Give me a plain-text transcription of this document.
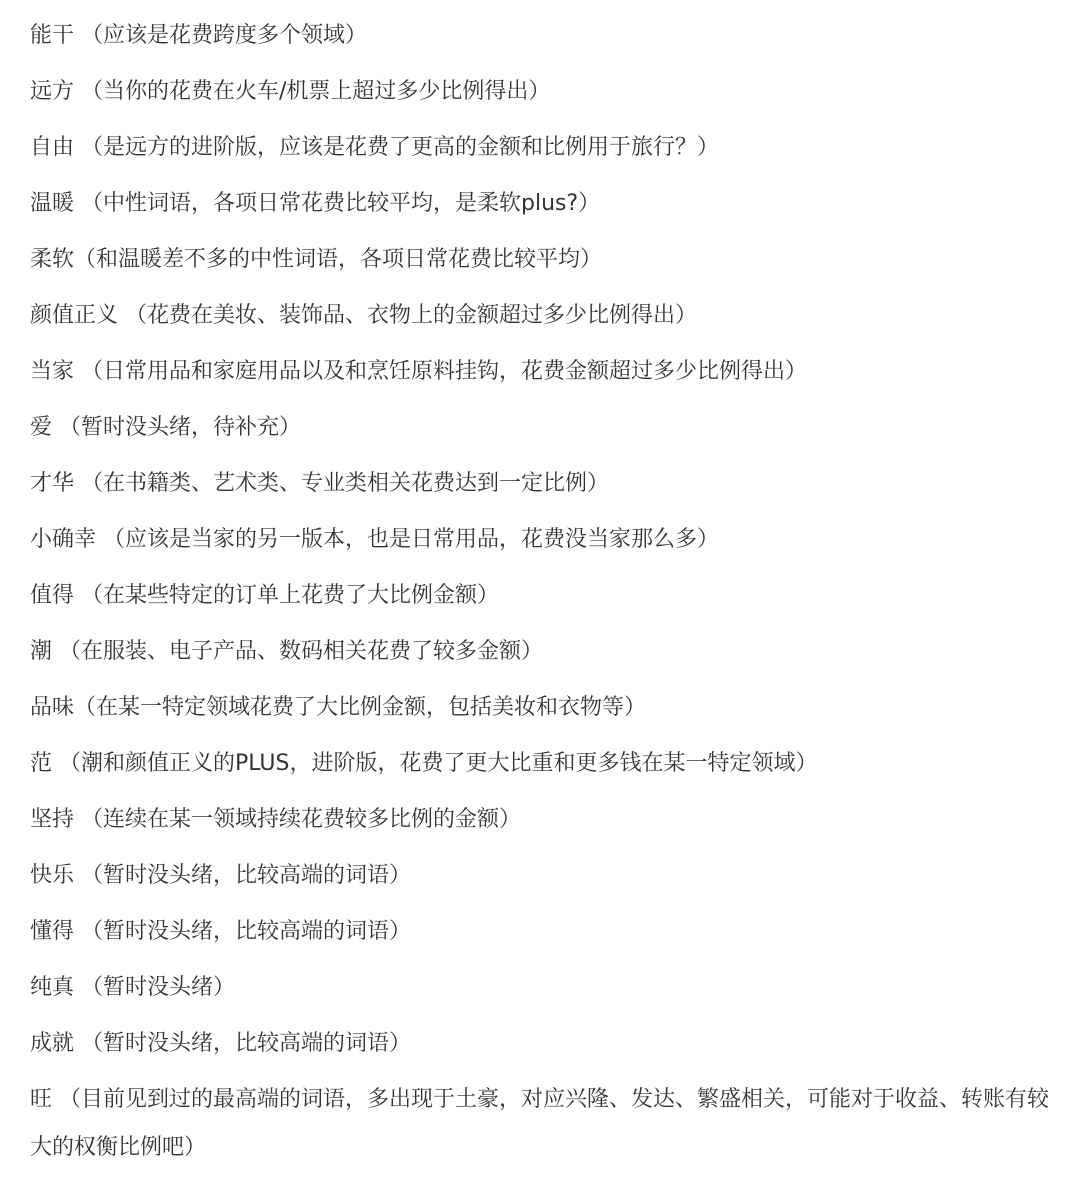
能干 （应该是花费跨度多个领域）
远方 （当你的花费在火车/机票上超过多少比例得出）
自由 （是远方的进阶版，应该是花费了更高的金额和比例用于旅行？）
温暖 （中性词语，各项日常花费比较平均，是柔软plus?）
柔软（和温暖差不多的中性词语，各项日常花费比较平均）
颜值正义 （花费在美妆、装饰品、衣物上的金额超过多少比例得出）
当家 （日常用品和家庭用品以及和烹饪原料挂钩，花费金额超过多少比例得出）
爱 （暂时没头绪，待补充）
才华 （在书籍类、艺术类、专业类相关花费达到一定比例）
小确幸 （应该是当家的另一版本，也是日常用品，花费没当家那么多）
值得 （在某些特定的订单上花费了大比例金额）
潮 （在服装、电子产品、数码相关花费了较多金额）
品味（在某一特定领域花费了大比例金额，包括美妆和衣物等）
范 （潮和颜值正义的PLUS，进阶版，花费了更大比重和更多钱在某一特定领域）
坚持 （连续在某一领域持续花费较多比例的金额）
快乐 （暂时没头绪，比较高端的词语）
懂得 （暂时没头绪，比较高端的词语）
纯真 （暂时没头绪）
成就 （暂时没头绪，比较高端的词语）
旺 （目前见到过的最高端的词语，多出现于土豪，对应兴隆、发达、繁盛相关，可能对于收益、转账有较大的权衡比例吧）
